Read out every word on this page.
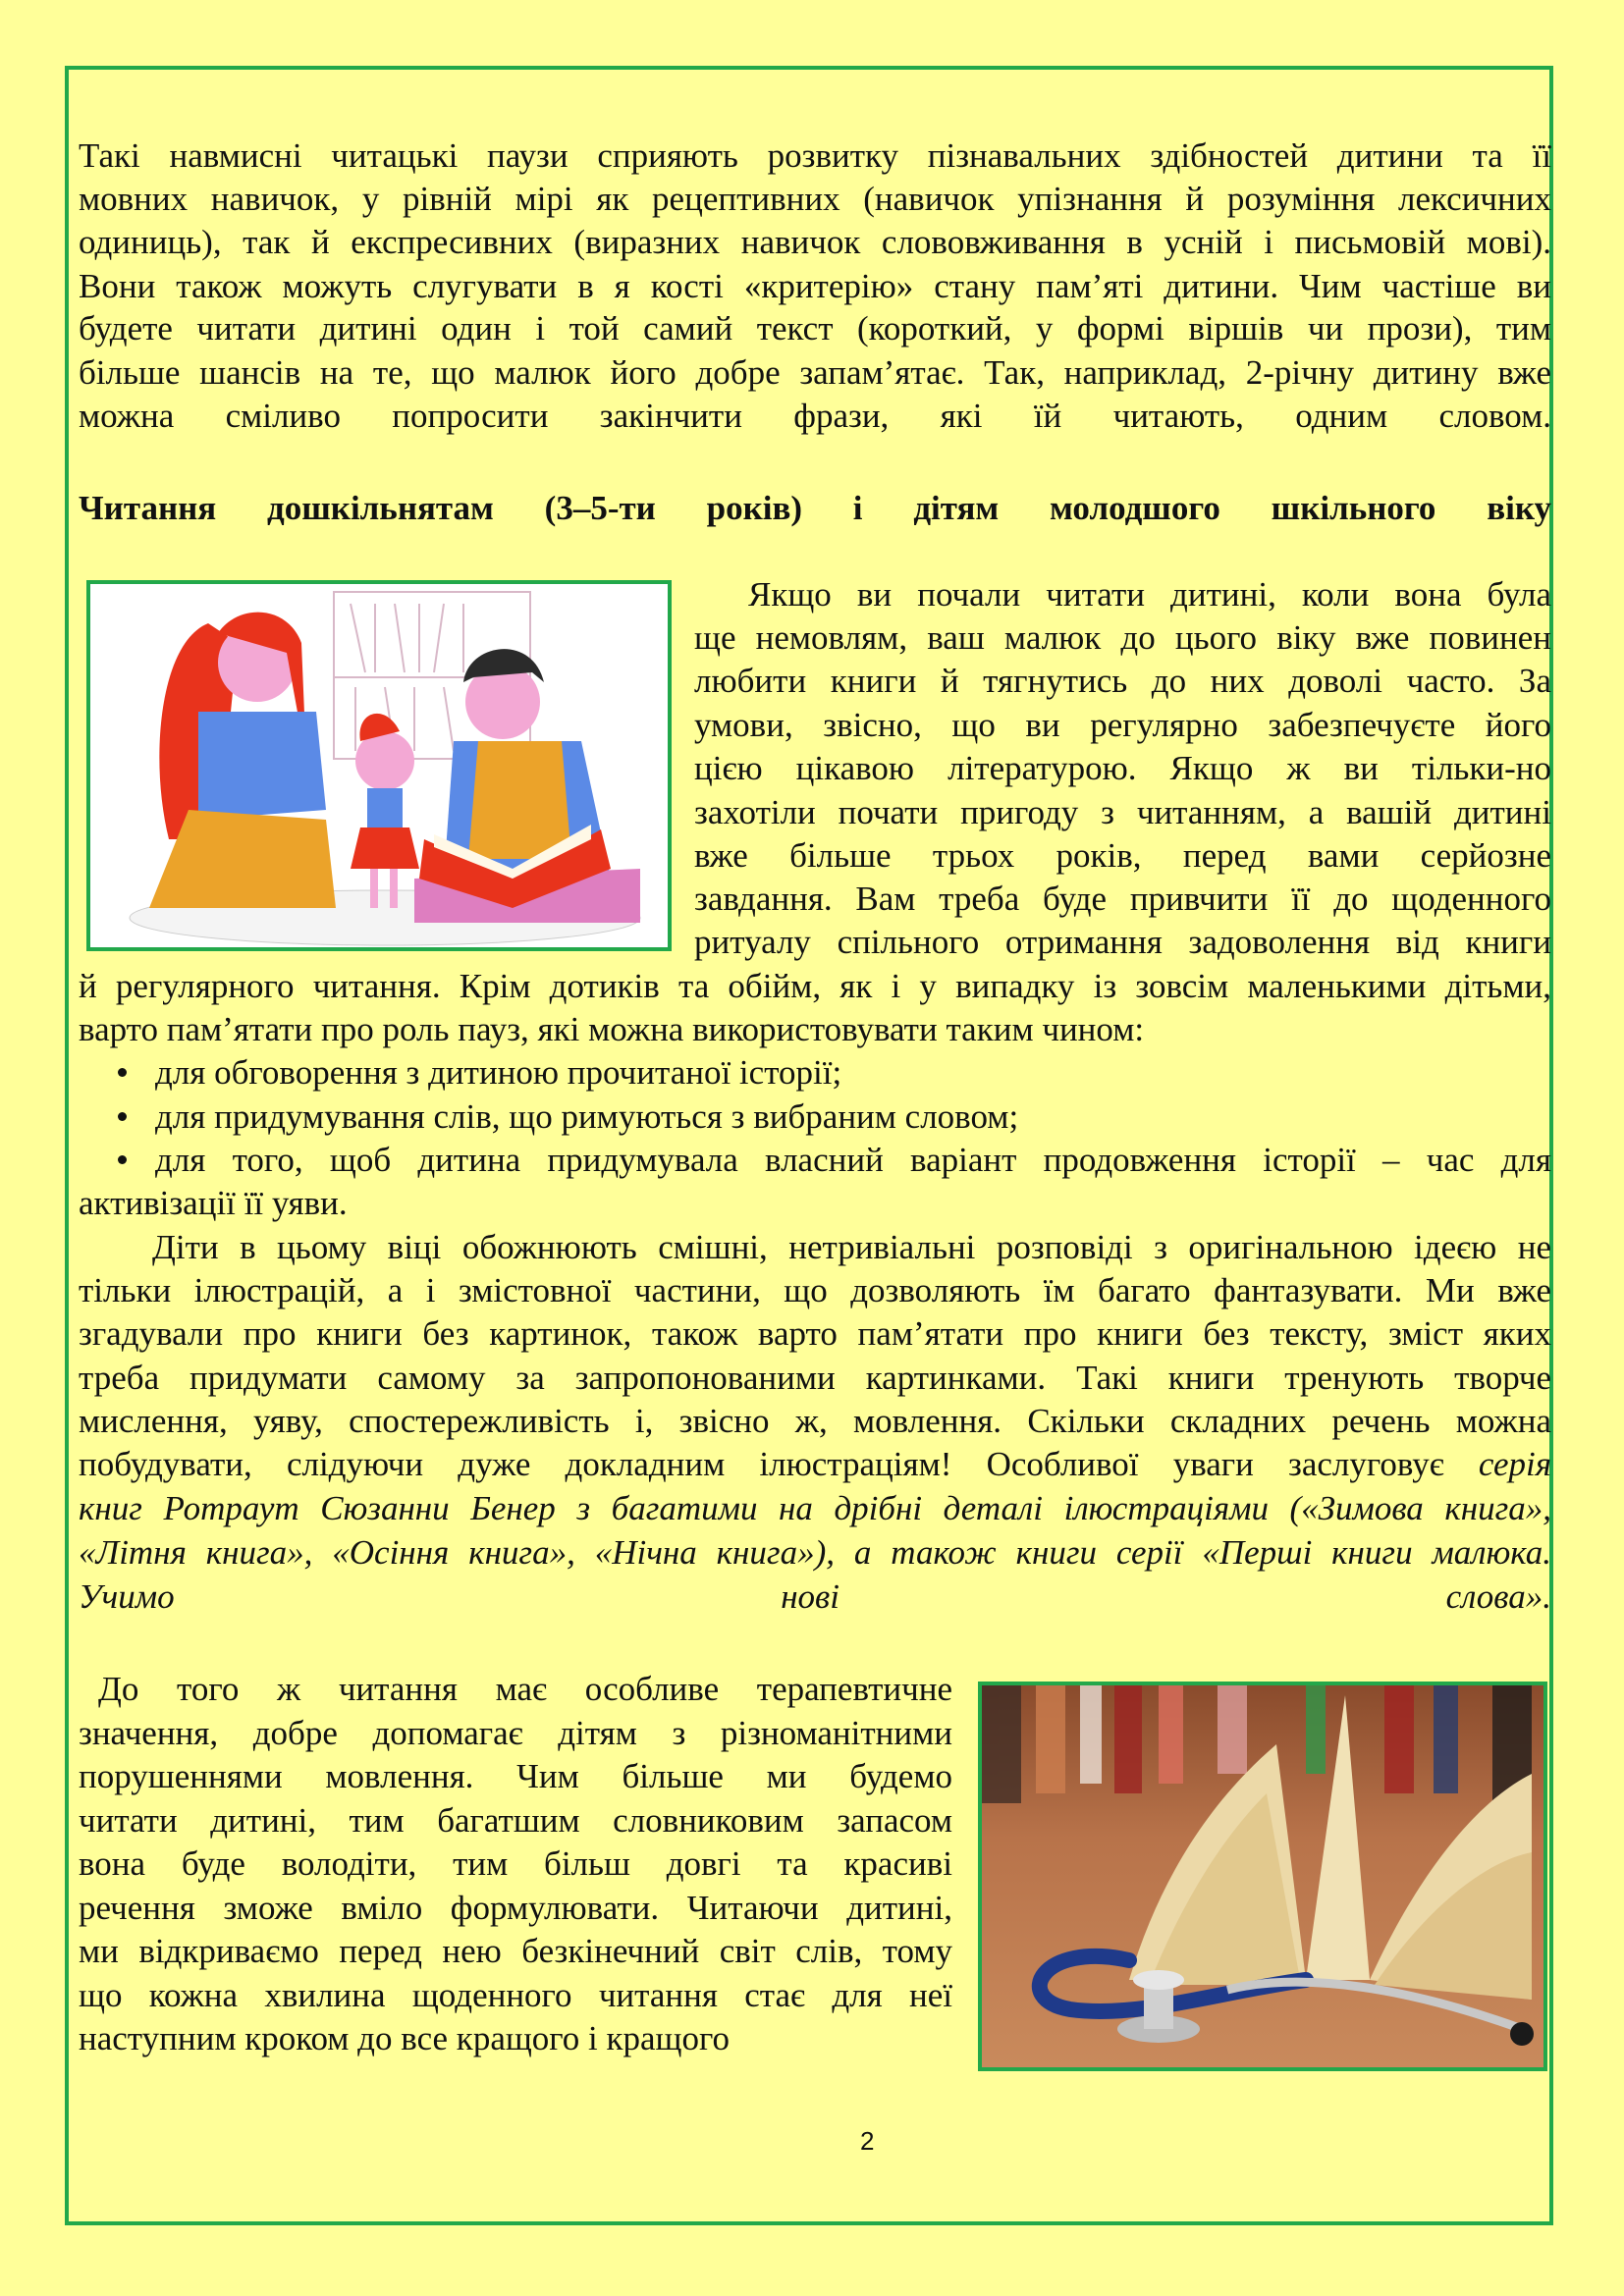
Такі навмисні читацькі паузи сприяють розвитку пізнавальних здібностей дитини та її
мовних навичок, у рівній мірі як рецептивних (навичок упізнання й розуміння лексичних
одиниць), так й експресивних (виразних навичок слововживання в усній і письмовій мові).
Вони також можуть слугувати в я кості «критерію» стану пам’яті дитини. Чим частіше ви
будете читати дитині один і той самий текст (короткий, у формі віршів чи прози), тим
більше шансів на те, що малюк його добре запам’ятає. Так, наприклад, 2-річну дитину вже
можна сміливо попросити закінчити фрази, які їй читають, одним словом.
Читання дошкільнятам (3–5-ти років) і дітям молодшого шкільного віку
Якщо ви почали читати дитині, коли вона була
ще немовлям, ваш малюк до цього віку вже повинен
любити книги й тягнутись до них доволі часто. За
умови, звісно, що ви регулярно забезпечуєте його
цією цікавою літературою. Якщо ж ви тільки-но
захотіли почати пригоду з читанням, а вашій дитині
вже більше трьох років, перед вами серйозне
завдання. Вам треба буде привчити її до щоденного
ритуалу спільного отримання задоволення від книги
й регулярного читання. Крім дотиків та обійм, як і у випадку із зовсім маленькими дітьми,
варто пам’ятати про роль пауз, які можна використовувати таким чином:
для обговорення з дитиною прочитаної історії;
для придумування слів, що римуються з вибраним словом;
для того, щоб дитина придумувала власний варіант продовження історії – час для
активізації її уяви.
Діти в цьому віці обожнюють смішні, нетривіальні розповіді з оригінальною ідеєю не
тільки ілюстрацій, а і змістовної частини, що дозволяють їм багато фантазувати. Ми вже
згадували про книги без картинок, також варто пам’ятати про книги без тексту, зміст яких
треба придумати самому за запропонованими картинками. Такі книги тренують творче
мислення, уяву, спостережливість і, звісно ж, мовлення. Скільки складних речень можна
побудувати, слідуючи дуже докладним ілюстраціям! Особливої уваги заслуговує серія
книг Ротраут Сюзанни Бенер з багатими на дрібні деталі ілюстраціями («Зимова книга»,
«Літня книга», «Осіння книга», «Нічна книга»), а також книги серії «Перші книги малюка.
Учимо	нові	слова».
До того ж читання має особливе терапевтичне
значення, добре допомагає дітям з різноманітними
порушеннями мовлення. Чим більше ми будемо
читати дитині, тим багатшим словниковим запасом
вона буде володіти, тим більш довгі та красиві
речення зможе вміло формулювати. Читаючи дитині,
ми відкриваємо перед нею безкінечний світ слів, тому
що кожна хвилина щоденного читання стає для неї
наступним кроком до все кращого і кращого
2
